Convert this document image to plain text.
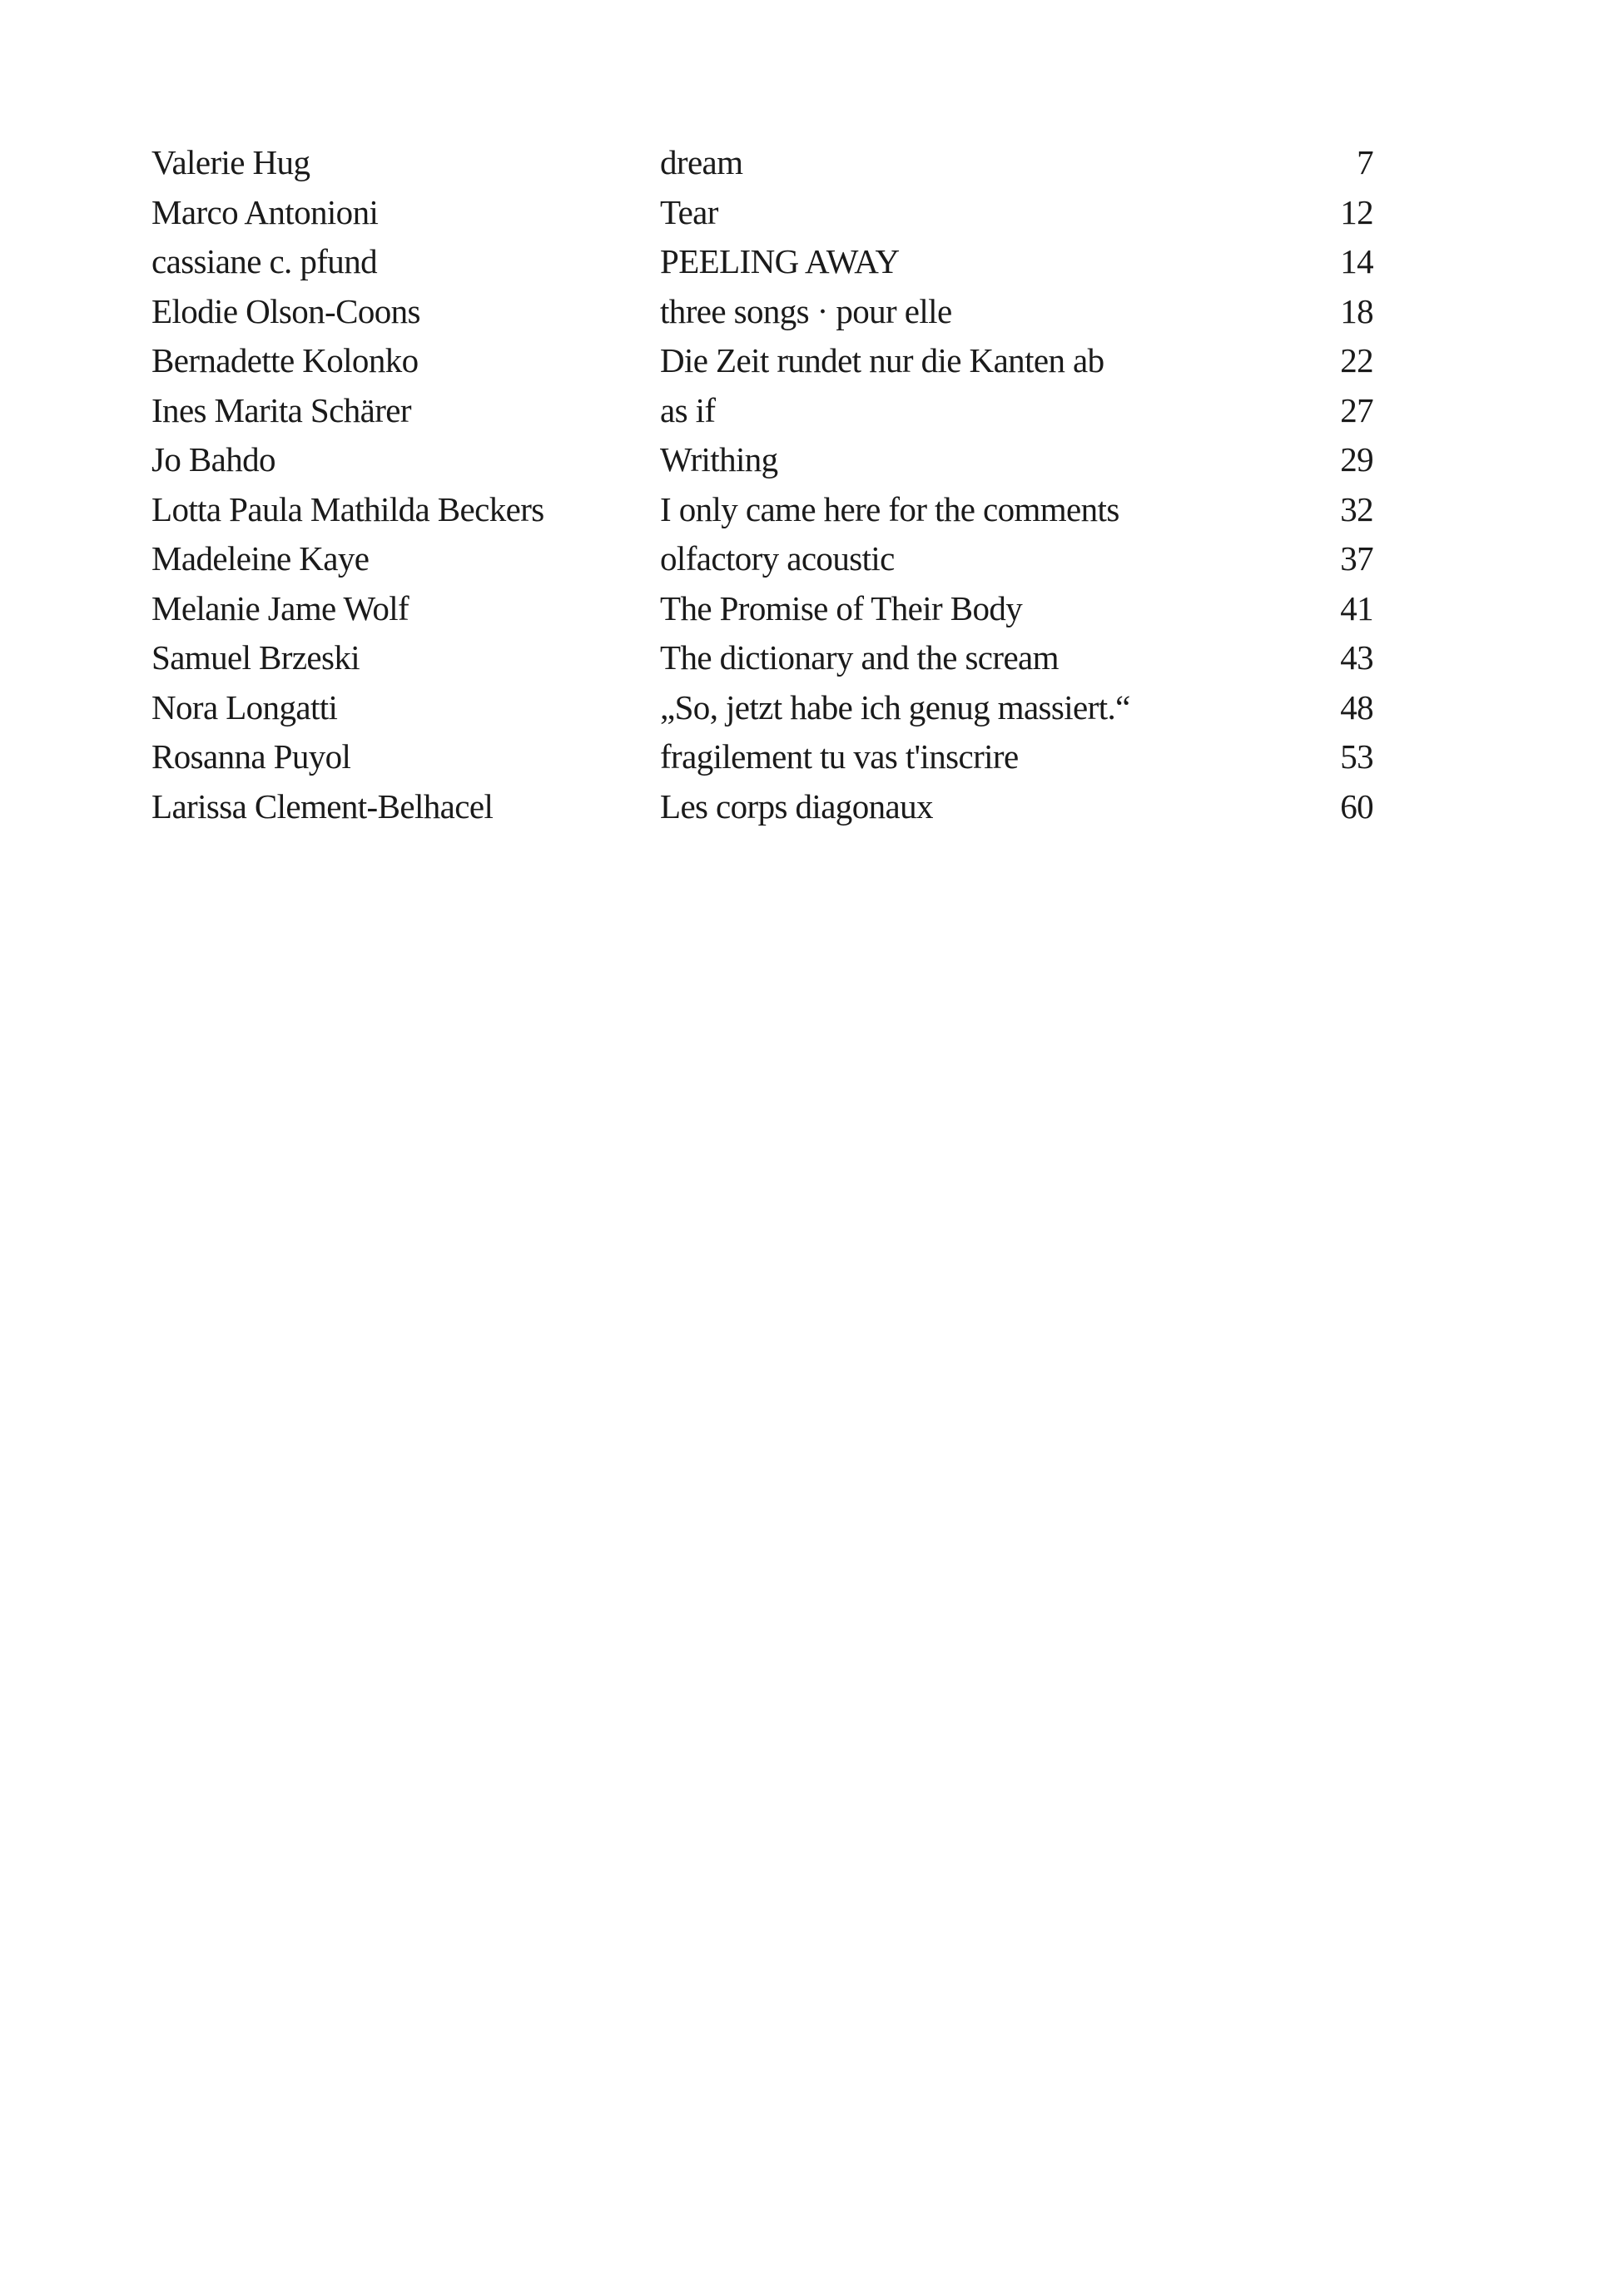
Valerie Hug	dream	7
Marco Antonioni	Tear	12
cassiane c. pfund	PEELING AWAY	14
Elodie Olson-Coons	three songs · pour elle	18
Bernadette Kolonko	Die Zeit rundet nur die Kanten ab	22
Ines Marita Schärer	as if	27
Jo Bahdo	Writhing	29
Lotta Paula Mathilda Beckers	I only came here for the comments	32
Madeleine Kaye	olfactory acoustic	37
Melanie Jame Wolf	The Promise of Their Body	41
Samuel Brzeski	The dictionary and the scream	43
Nora Longatti	„So, jetzt habe ich genug massiert.“	48
Rosanna Puyol	fragilement tu vas t'inscrire	53
Larissa Clement-Belhacel	Les corps diagonaux	60
